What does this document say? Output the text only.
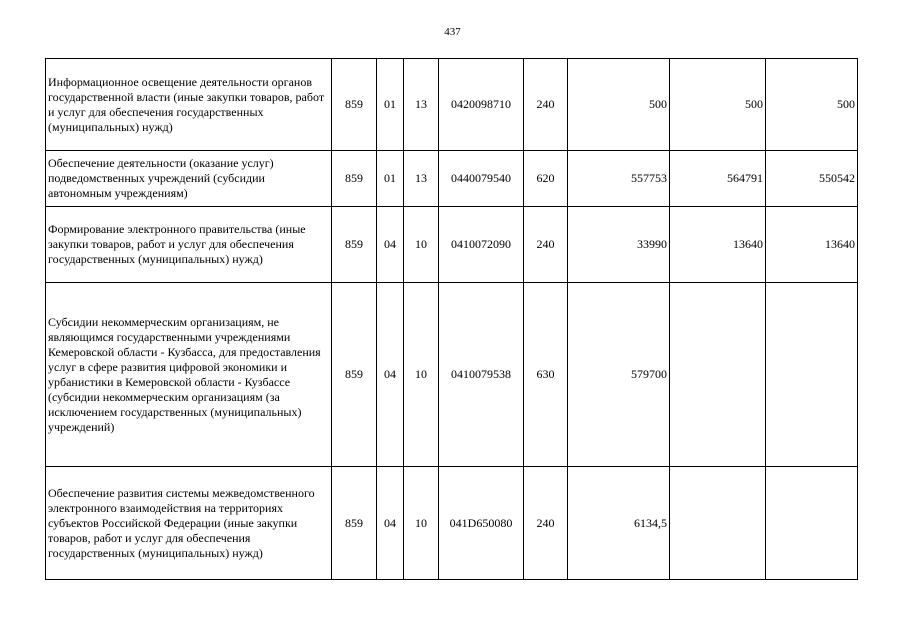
437
Информационное освещение деятельности органов государственной власти (иные закупки товаров, работ и услуг для обеспечения государственных (муниципальных) нужд)	859	01	13	0420098710	240	500	500	500
Обеспечение деятельности (оказание услуг) подведомственных учреждений (субсидии автономным учреждениям)	859	01	13	0440079540	620	557753	564791	550542
Формирование электронного правительства (иные закупки товаров, работ и услуг для обеспечения государственных (муниципальных) нужд)	859	04	10	0410072090	240	33990	13640	13640
Субсидии некоммерческим организациям, не являющимся государственными учреждениями Кемеровской области - Кузбасса, для предоставления услуг в сфере развития цифровой экономики и урбанистики в Кемеровской области - Кузбассе (субсидии некоммерческим организациям (за исключением государственных (муниципальных) учреждений)	859	04	10	0410079538	630	579700		
Обеспечение развития системы межведомственного электронного взаимодействия на территориях субъектов Российской Федерации (иные закупки товаров, работ и услуг для обеспечения государственных (муниципальных) нужд)	859	04	10	041D650080	240	6134,5		
